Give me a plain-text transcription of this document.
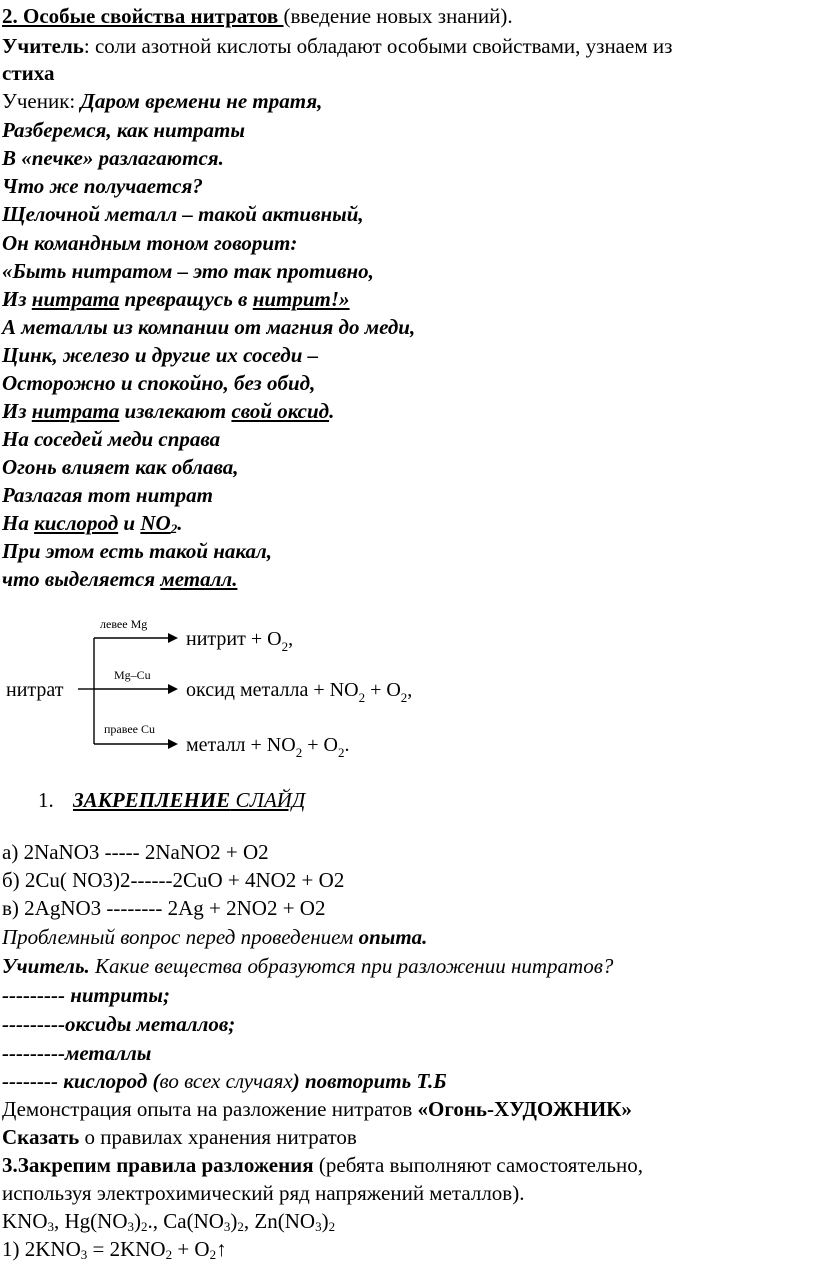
2. Особые свойства нитратов (введение новых знаний).
Учитель: соли азотной кислоты обладают особыми свойствами, узнаем из
стиха
Ученик: Даром времени не тратя,
Разберемся, как нитраты
В «печке» разлагаются.
Что же получается?
Щелочной металл – такой активный,
Он командным тоном говорит:
«Быть нитратом – это так противно,
Из нитрата превращусь в нитрит!»
А металлы из компании от магния до меди,
Цинк, железо и другие их соседи –
Осторожно и спокойно, без обид,
Из нитрата извлекают свой оксид.
На соседей меди справа
Огонь влияет как облава,
Разлагая тот нитрат
На кислород и $NO_2$.
При этом есть такой накал,
что выделяется металл.
нитрат
левее Mg
нитрит + $O_2$,
Mg–Cu
оксид металла + $NO_2 + O_2$,
правее Cu
металл + $NO_2 + O_2$.
1. ЗАКРЕПЛЕНИЕ СЛАЙД
а) 2NaNO3 ----- 2NaNO2 + O2
б) 2Cu( NO3)2------2CuO + 4NO2 + O2
в) 2AgNO3 -------- 2Ag + 2NO2 + O2
Проблемный вопрос перед проведением опыта.
Учитель. Какие вещества образуются при разложении нитратов?
--------- нитриты;
---------оксиды металлов;
---------металлы
-------- кислород (во всех случаях) повторить Т.Б
Демонстрация опыта на разложение нитратов «Огонь-ХУДОЖНИК»
Сказать о правилах хранения нитратов
3.Закрепим правила разложения (ребята выполняют самостоятельно,
используя электрохимический ряд напряжений металлов).
$KNO_3$, $Hg(NO_3)_2$., $Ca(NO_3)_2$, $Zn(NO_3)_2$
1) $2KNO_3 = 2KNO_2$ + $O_2↑$
